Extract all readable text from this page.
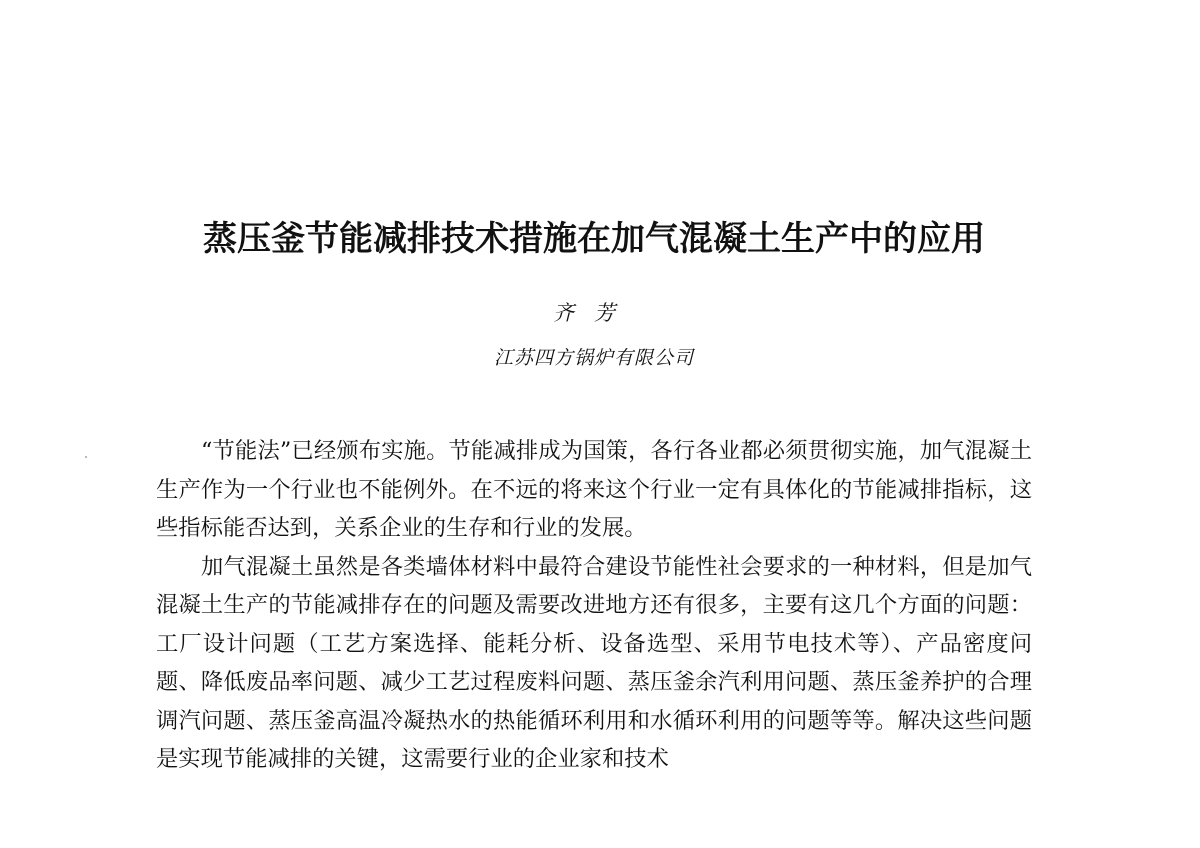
蒸压釜节能减排技术措施在加气混凝土生产中的应用
齐芳
江苏四方锅炉有限公司

“节能法”已经颁布实施。节能减排成为国策，各行各业都必须贯彻实施，加气混凝土生产作为一个行业也不能例外。在不远的将来这个行业一定有具体化的节能减排指标，这些指标能否达到，关系企业的生存和行业的发展。

加气混凝土虽然是各类墙体材料中最符合建设节能性社会要求的一种材料，但是加气混凝土生产的节能减排存在的问题及需要改进地方还有很多，主要有这几个方面的问题：工厂设计问题（工艺方案选择、能耗分析、设备选型、采用节电技术等）、产品密度问题、降低废品率问题、减少工艺过程废料问题、蒸压釜余汽利用问题、蒸压釜养护的合理调汽问题、蒸压釜高温冷凝热水的热能循环利用和水循环利用的问题等等。解决这些问题是实现节能减排的关键，这需要行业的企业家和技术
